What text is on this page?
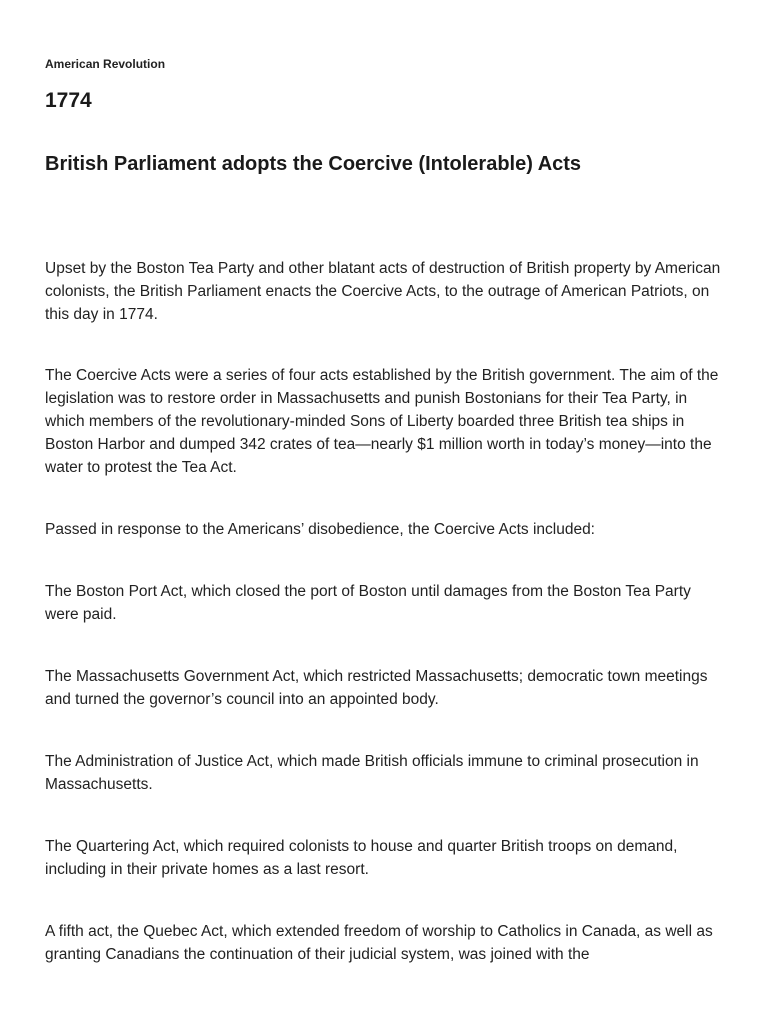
American Revolution
1774
British Parliament adopts the Coercive (Intolerable) Acts

Upset by the Boston Tea Party and other blatant acts of destruction of British property by American colonists, the British Parliament enacts the Coercive Acts, to the outrage of American Patriots, on this day in 1774.

The Coercive Acts were a series of four acts established by the British government. The aim of the legislation was to restore order in Massachusetts and punish Bostonians for their Tea Party, in which members of the revolutionary-minded Sons of Liberty boarded three British tea ships in Boston Harbor and dumped 342 crates of tea—nearly $1 million worth in today’s money—into the water to protest the Tea Act.

Passed in response to the Americans’ disobedience, the Coercive Acts included:

The Boston Port Act, which closed the port of Boston until damages from the Boston Tea Party were paid.

The Massachusetts Government Act, which restricted Massachusetts; democratic town meetings and turned the governor’s council into an appointed body.

The Administration of Justice Act, which made British officials immune to criminal prosecution in Massachusetts.

The Quartering Act, which required colonists to house and quarter British troops on demand, including in their private homes as a last resort.

A fifth act, the Quebec Act, which extended freedom of worship to Catholics in Canada, as well as granting Canadians the continuation of their judicial system, was joined with the
